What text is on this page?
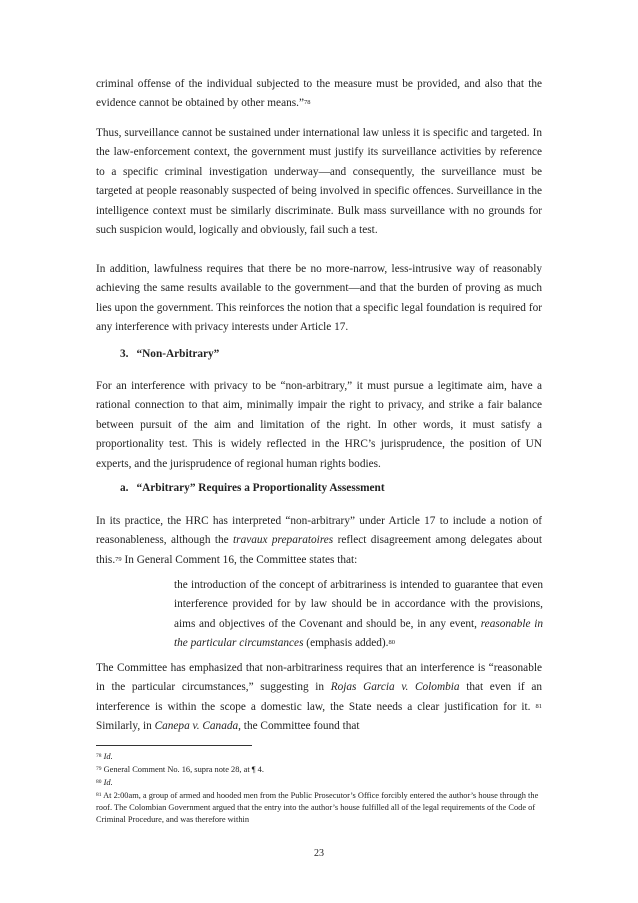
criminal offense of the individual subjected to the measure must be provided, and also that the evidence cannot be obtained by other means.”$^{78}$

Thus, surveillance cannot be sustained under international law unless it is specific and targeted. In the law-enforcement context, the government must justify its surveillance activities by reference to a specific criminal investigation underway—and consequently, the surveillance must be targeted at people reasonably suspected of being involved in specific offences. Surveillance in the intelligence context must be similarly discriminate. Bulk mass surveillance with no grounds for such suspicion would, logically and obviously, fail such a test.

In addition, lawfulness requires that there be no more-narrow, less-intrusive way of reasonably achieving the same results available to the government—and that the burden of proving as much lies upon the government. This reinforces the notion that a specific legal foundation is required for any interference with privacy interests under Article 17.

3. “Non-Arbitrary”

For an interference with privacy to be “non-arbitrary,” it must pursue a legitimate aim, have a rational connection to that aim, minimally impair the right to privacy, and strike a fair balance between pursuit of the aim and limitation of the right. In other words, it must satisfy a proportionality test. This is widely reflected in the HRC’s jurisprudence, the position of UN experts, and the jurisprudence of regional human rights bodies.

a. “Arbitrary” Requires a Proportionality Assessment

In its practice, the HRC has interpreted “non-arbitrary” under Article 17 to include a notion of reasonableness, although the travaux preparatoires reflect disagreement among delegates about this.$^{79}$ In General Comment 16, the Committee states that:

the introduction of the concept of arbitrariness is intended to guarantee that even interference provided for by law should be in accordance with the provisions, aims and objectives of the Covenant and should be, in any event, reasonable in the particular circumstances (emphasis added).$^{80}$

The Committee has emphasized that non-arbitrariness requires that an interference is “reasonable in the particular circumstances,” suggesting in Rojas Garcia v. Colombia that even if an interference is within the scope a domestic law, the State needs a clear justification for it. $^{81}$ Similarly, in Canepa v. Canada, the Committee found that

$^{78}$ Id.

$^{79}$ General Comment No. 16, supra note 28, at ¶ 4.

$^{80}$ Id.

$^{81}$ At 2:00am, a group of armed and hooded men from the Public Prosecutor’s Office forcibly entered the author’s house through the roof. The Colombian Government argued that the entry into the author’s house fulfilled all of the legal requirements of the Code of Criminal Procedure, and was therefore within

23
